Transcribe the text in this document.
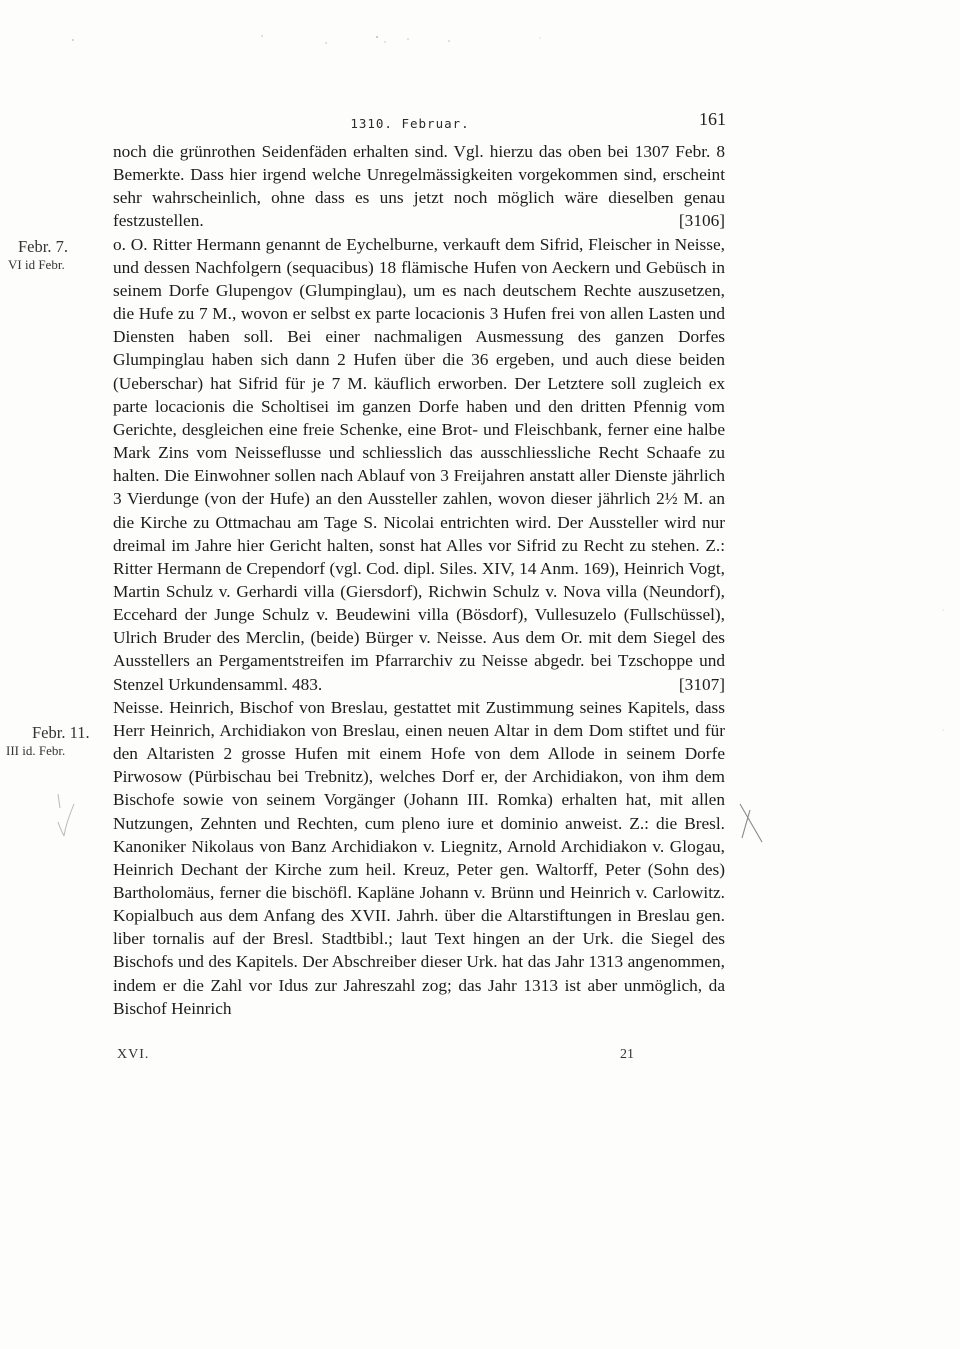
1310. Februar.	161
Febr. 7.
VI id Febr.
Febr. 11.
III id. Febr.

noch die grünrothen Seidenfäden erhalten sind. Vgl. hierzu das oben bei 1307 Febr. 8 Bemerkte. Dass hier irgend welche Unregelmässigkeiten vorgekommen sind, erscheint sehr wahrscheinlich, ohne dass es uns jetzt noch möglich wäre dieselben genau festzustellen.	[3106]

o. O. Ritter Hermann genannt de Eychelburne, verkauft dem Sifrid, Fleischer in Neisse, und dessen Nachfolgern (sequacibus) 18 flämische Hufen von Aeckern und Gebüsch in seinem Dorfe Glupengov (Glumpinglau), um es nach deutschem Rechte auszusetzen, die Hufe zu 7 M., wovon er selbst ex parte locacionis 3 Hufen frei von allen Lasten und Diensten haben soll. Bei einer nachmaligen Ausmessung des ganzen Dorfes Glumpinglau haben sich dann 2 Hufen über die 36 ergeben, und auch diese beiden (Ueberschar) hat Sifrid für je 7 M. käuflich erworben. Der Letztere soll zugleich ex parte locacionis die Scholtisei im ganzen Dorfe haben und den dritten Pfennig vom Gerichte, desgleichen eine freie Schenke, eine Brot- und Fleischbank, ferner eine halbe Mark Zins vom Neisseflusse und schliesslich das ausschliessliche Recht Schaafe zu halten. Die Einwohner sollen nach Ablauf von 3 Freijahren anstatt aller Dienste jährlich 3 Vierdunge (von der Hufe) an den Aussteller zahlen, wovon dieser jährlich 2½ M. an die Kirche zu Ottmachau am Tage S. Nicolai entrichten wird. Der Aussteller wird nur dreimal im Jahre hier Gericht halten, sonst hat Alles vor Sifrid zu Recht zu stehen. Z.: Ritter Hermann de Crependorf (vgl. Cod. dipl. Siles. XIV, 14 Anm. 169), Heinrich Vogt, Martin Schulz v. Gerhardi villa (Giersdorf), Richwin Schulz v. Nova villa (Neundorf), Eccehard der Junge Schulz v. Beudewini villa (Bösdorf), Vullesuzelo (Fullschüssel), Ulrich Bruder des Merclin, (beide) Bürger v. Neisse. Aus dem Or. mit dem Siegel des Ausstellers an Pergamentstreifen im Pfarrarchiv zu Neisse abgedr. bei Tzschoppe und Stenzel Urkundensamml. 483.	[3107]

Neisse. Heinrich, Bischof von Breslau, gestattet mit Zustimmung seines Kapitels, dass Herr Heinrich, Archidiakon von Breslau, einen neuen Altar in dem Dom stiftet und für den Altaristen 2 grosse Hufen mit einem Hofe von dem Allode in seinem Dorfe Pirwosow (Pürbischau bei Trebnitz), welches Dorf er, der Archidiakon, von ihm dem Bischofe sowie von seinem Vorgänger (Johann III. Romka) erhalten hat, mit allen Nutzungen, Zehnten und Rechten, cum pleno iure et dominio anweist. Z.: die Bresl. Kanoniker Nikolaus von Banz Archidiakon v. Liegnitz, Arnold Archidiakon v. Glogau, Heinrich Dechant der Kirche zum heil. Kreuz, Peter gen. Waltorff, Peter (Sohn des) Bartholomäus, ferner die bischöfl. Kapläne Johann v. Brünn und Heinrich v. Carlowitz. Kopialbuch aus dem Anfang des XVII. Jahrh. über die Altarstiftungen in Breslau gen. liber tornalis auf der Bresl. Stadtbibl.; laut Text hingen an der Urk. die Siegel des Bischofs und des Kapitels. Der Abschreiber dieser Urk. hat das Jahr 1313 angenommen, indem er die Zahl vor Idus zur Jahreszahl zog; das Jahr 1313 ist aber unmöglich, da Bischof Heinrich

XVI.	21
